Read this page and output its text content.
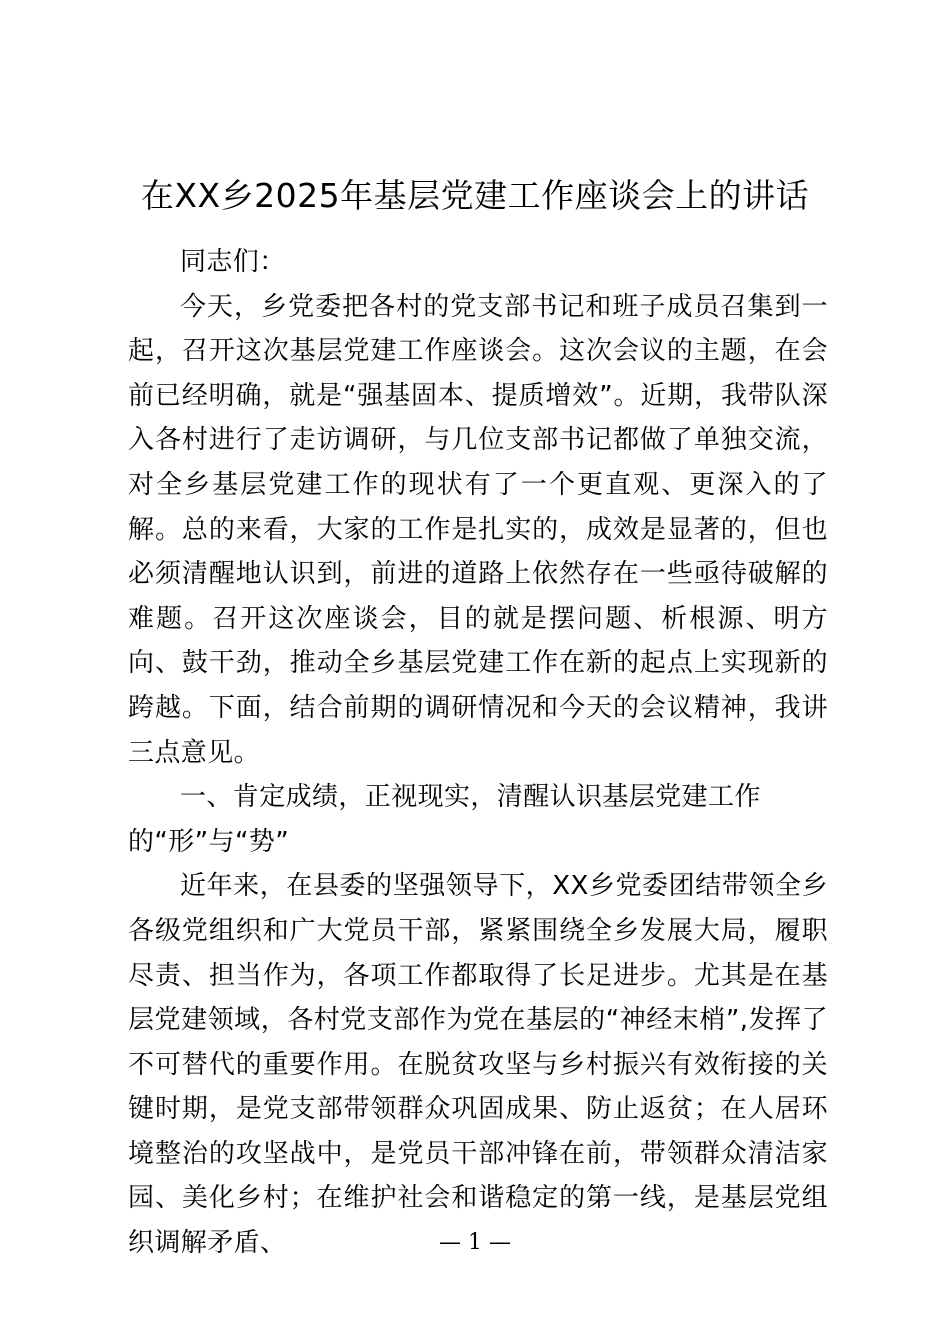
在XX乡2025年基层党建工作座谈会上的讲话

同志们：

今天，乡党委把各村的党支部书记和班子成员召集到一起，召开这次基层党建工作座谈会。这次会议的主题，在会前已经明确，就是“强基固本、提质增效”。近期，我带队深入各村进行了走访调研，与几位支部书记都做了单独交流，对全乡基层党建工作的现状有了一个更直观、更深入的了解。总的来看，大家的工作是扎实的，成效是显著的，但也必须清醒地认识到，前进的道路上依然存在一些亟待破解的难题。召开这次座谈会，目的就是摆问题、析根源、明方向、鼓干劲，推动全乡基层党建工作在新的起点上实现新的跨越。下面，结合前期的调研情况和今天的会议精神，我讲三点意见。

一、肯定成绩，正视现实，清醒认识基层党建工作
的“形”与“势”

近年来，在县委的坚强领导下，XX乡党委团结带领全乡各级党组织和广大党员干部，紧紧围绕全乡发展大局，履职尽责、担当作为，各项工作都取得了长足进步。尤其是在基层党建领域，各村党支部作为党在基层的“神经末梢”,发挥了不可替代的重要作用。在脱贫攻坚与乡村振兴有效衔接的关键时期，是党支部带领群众巩固成果、防止返贫；在人居环境整治的攻坚战中，是党员干部冲锋在前，带领群众清洁家园、美化乡村；在维护社会和谐稳定的第一线，是基层党组织调解矛盾、	— 1 —
